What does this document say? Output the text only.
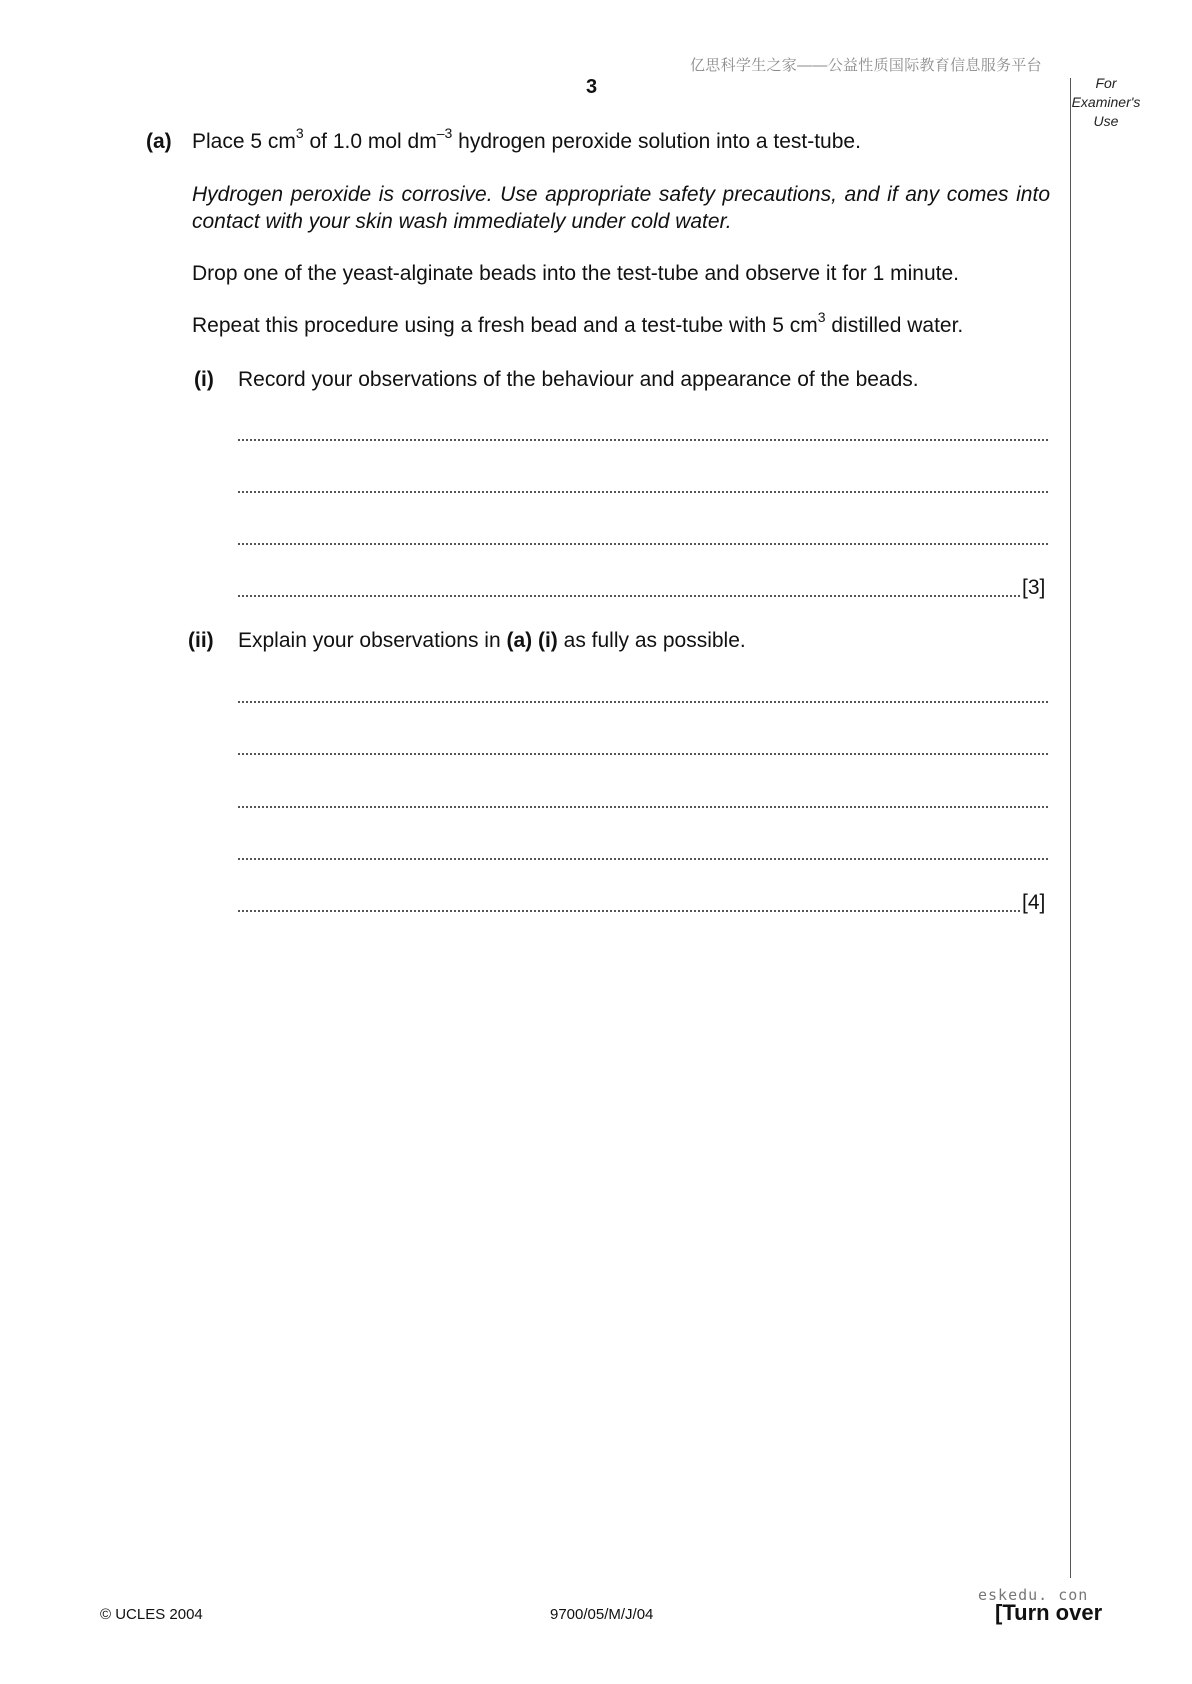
亿思科学生之家——公益性质国际教育信息服务平台
3	For
Examiner's
Use
(a) Place 5 $cm^3$ of 1.0 mol $dm^{-3}$ hydrogen peroxide solution into a test-tube.
Hydrogen peroxide is corrosive. Use appropriate safety precautions, and if any comes into contact with your skin wash immediately under cold water.
Drop one of the yeast-alginate beads into the test-tube and observe it for 1 minute.
Repeat this procedure using a fresh bead and a test-tube with 5 $cm^3$ distilled water.
(i) Record your observations of the behaviour and appearance of the beads.
[3]
(ii) Explain your observations in (a) (i) as fully as possible.
[4]
© UCLES 2004	9700/05/M/J/04
eskedu. con
[Turn over
